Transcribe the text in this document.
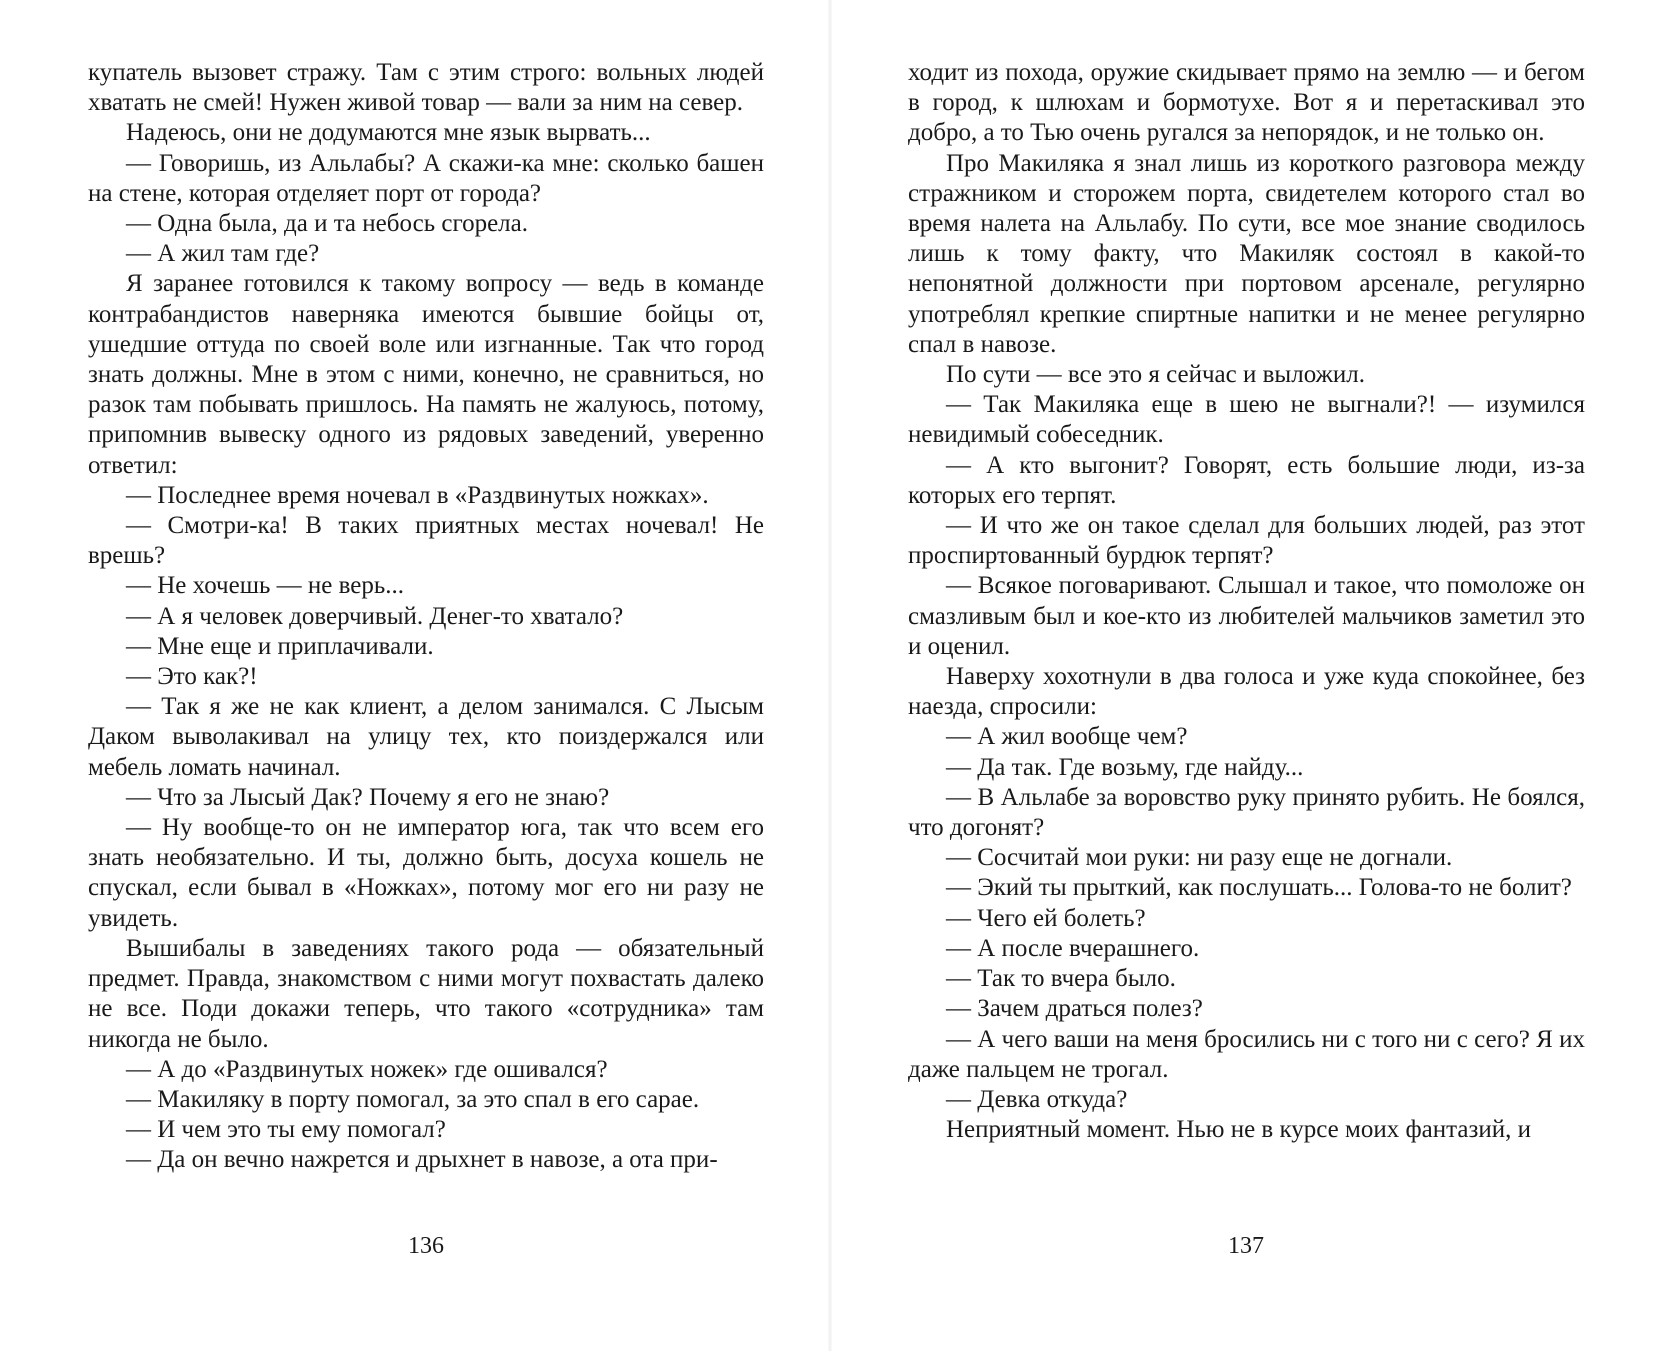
купатель вызовет стражу. Там с этим строго: вольных людей хватать не смей! Нужен живой товар — вали за ним на север.

Надеюсь, они не додумаются мне язык вырвать...

— Говоришь, из Альлабы? А скажи-ка мне: сколько башен на стене, которая отделяет порт от города?

— Одна была, да и та небось сгорела.

— А жил там где?

Я заранее готовился к такому вопросу — ведь в команде контрабандистов наверняка имеются бывшие бойцы от, ушедшие оттуда по своей воле или изгнанные. Так что город знать должны. Мне в этом с ними, конечно, не сравниться, но разок там побывать пришлось. На память не жалуюсь, потому, припомнив вывеску одного из рядовых заведений, уверенно ответил:

— Последнее время ночевал в «Раздвинутых ножках».

— Смотри-ка! В таких приятных местах ночевал! Не врешь?

— Не хочешь — не верь...

— А я человек доверчивый. Денег-то хватало?

— Мне еще и приплачивали.

— Это как?!

— Так я же не как клиент, а делом занимался. С Лысым Даком выволакивал на улицу тех, кто поиздержался или мебель ломать начинал.

— Что за Лысый Дак? Почему я его не знаю?

— Ну вообще-то он не император юга, так что всем его знать необязательно. И ты, должно быть, досуха кошель не спускал, если бывал в «Ножках», потому мог его ни разу не увидеть.

Вышибалы в заведениях такого рода — обязательный предмет. Правда, знакомством с ними могут похвастать далеко не все. Поди докажи теперь, что такого «сотрудника» там никогда не было.

— А до «Раздвинутых ножек» где ошивался?

— Макиляку в порту помогал, за это спал в его сарае.

— И чем это ты ему помогал?

— Да он вечно нажрется и дрыхнет в навозе, а ота при-

136

ходит из похода, оружие скидывает прямо на землю — и бегом в город, к шлюхам и бормотухе. Вот я и перетаскивал это добро, а то Тью очень ругался за непорядок, и не только он.

Про Макиляка я знал лишь из короткого разговора между стражником и сторожем порта, свидетелем которого стал во время налета на Альлабу. По сути, все мое знание сводилось лишь к тому факту, что Макиляк состоял в какой-то непонятной должности при портовом арсенале, регулярно употреблял крепкие спиртные напитки и не менее регулярно спал в навозе.

По сути — все это я сейчас и выложил.

— Так Макиляка еще в шею не выгнали?! — изумился невидимый собеседник.

— А кто выгонит? Говорят, есть большие люди, из-за которых его терпят.

— И что же он такое сделал для больших людей, раз этот проспиртованный бурдюк терпят?

— Всякое поговаривают. Слышал и такое, что помоложе он смазливым был и кое-кто из любителей мальчиков заметил это и оценил.

Наверху хохотнули в два голоса и уже куда спокойнее, без наезда, спросили:

— А жил вообще чем?

— Да так. Где возьму, где найду...

— В Альлабе за воровство руку принято рубить. Не боялся, что догонят?

— Сосчитай мои руки: ни разу еще не догнали.

— Экий ты прыткий, как послушать... Голова-то не болит?

— Чего ей болеть?

— А после вчерашнего.

— Так то вчера было.

— Зачем драться полез?

— А чего ваши на меня бросились ни с того ни с сего? Я их даже пальцем не трогал.

— Девка откуда?

Неприятный момент. Нью не в курсе моих фантазий, и

137
